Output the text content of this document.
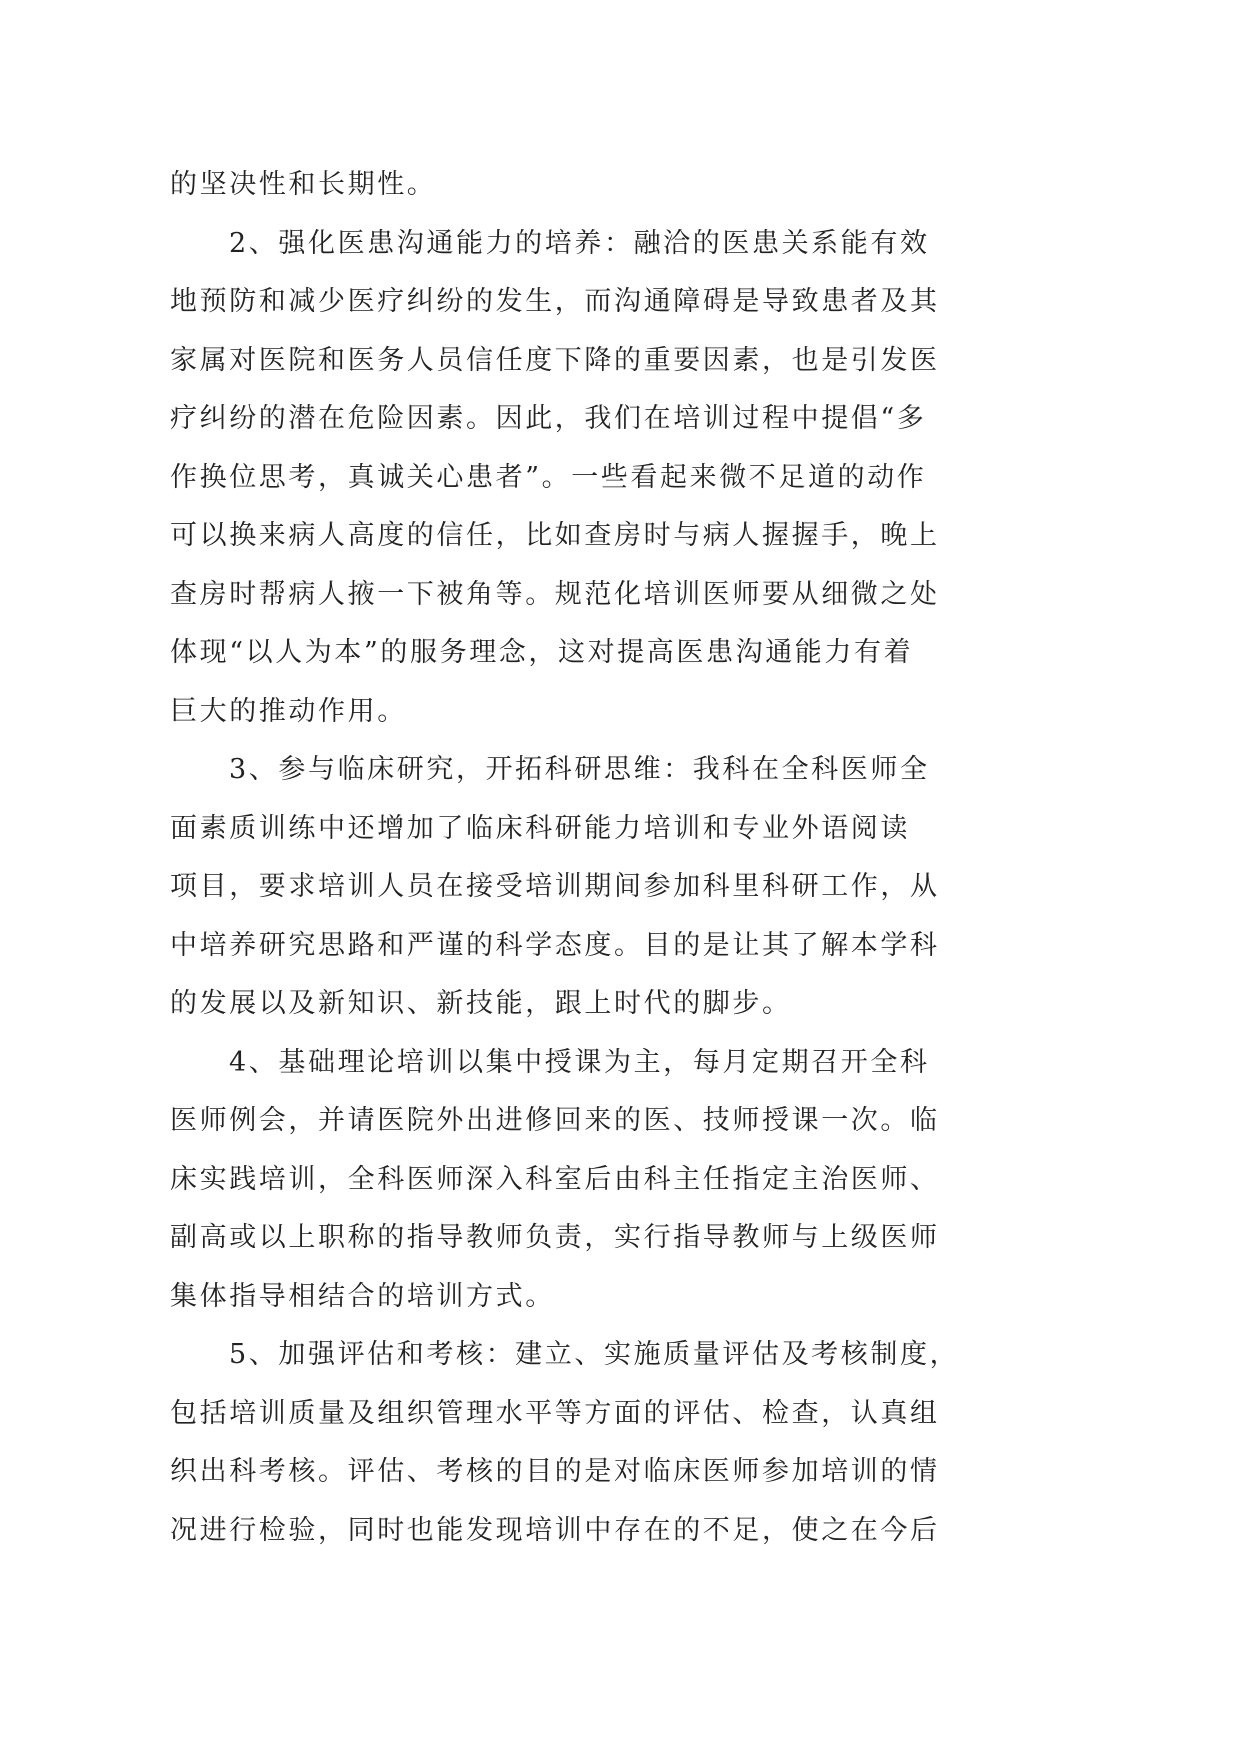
的坚决性和长期性。
2、强化医患沟通能力的培养：融洽的医患关系能有效
地预防和减少医疗纠纷的发生，而沟通障碍是导致患者及其
家属对医院和医务人员信任度下降的重要因素，也是引发医
疗纠纷的潜在危险因素。因此，我们在培训过程中提倡“多
作换位思考，真诚关心患者”。一些看起来微不足道的动作
可以换来病人高度的信任，比如查房时与病人握握手，晚上
查房时帮病人掖一下被角等。规范化培训医师要从细微之处
体现“以人为本”的服务理念，这对提高医患沟通能力有着
巨大的推动作用。
3、参与临床研究，开拓科研思维：我科在全科医师全
面素质训练中还增加了临床科研能力培训和专业外语阅读
项目，要求培训人员在接受培训期间参加科里科研工作，从
中培养研究思路和严谨的科学态度。目的是让其了解本学科
的发展以及新知识、新技能，跟上时代的脚步。
4、基础理论培训以集中授课为主，每月定期召开全科
医师例会，并请医院外出进修回来的医、技师授课一次。临
床实践培训，全科医师深入科室后由科主任指定主治医师、
副高或以上职称的指导教师负责，实行指导教师与上级医师
集体指导相结合的培训方式。
5、加强评估和考核：建立、实施质量评估及考核制度，
包括培训质量及组织管理水平等方面的评估、检查，认真组
织出科考核。评估、考核的目的是对临床医师参加培训的情
况进行检验，同时也能发现培训中存在的不足，使之在今后
